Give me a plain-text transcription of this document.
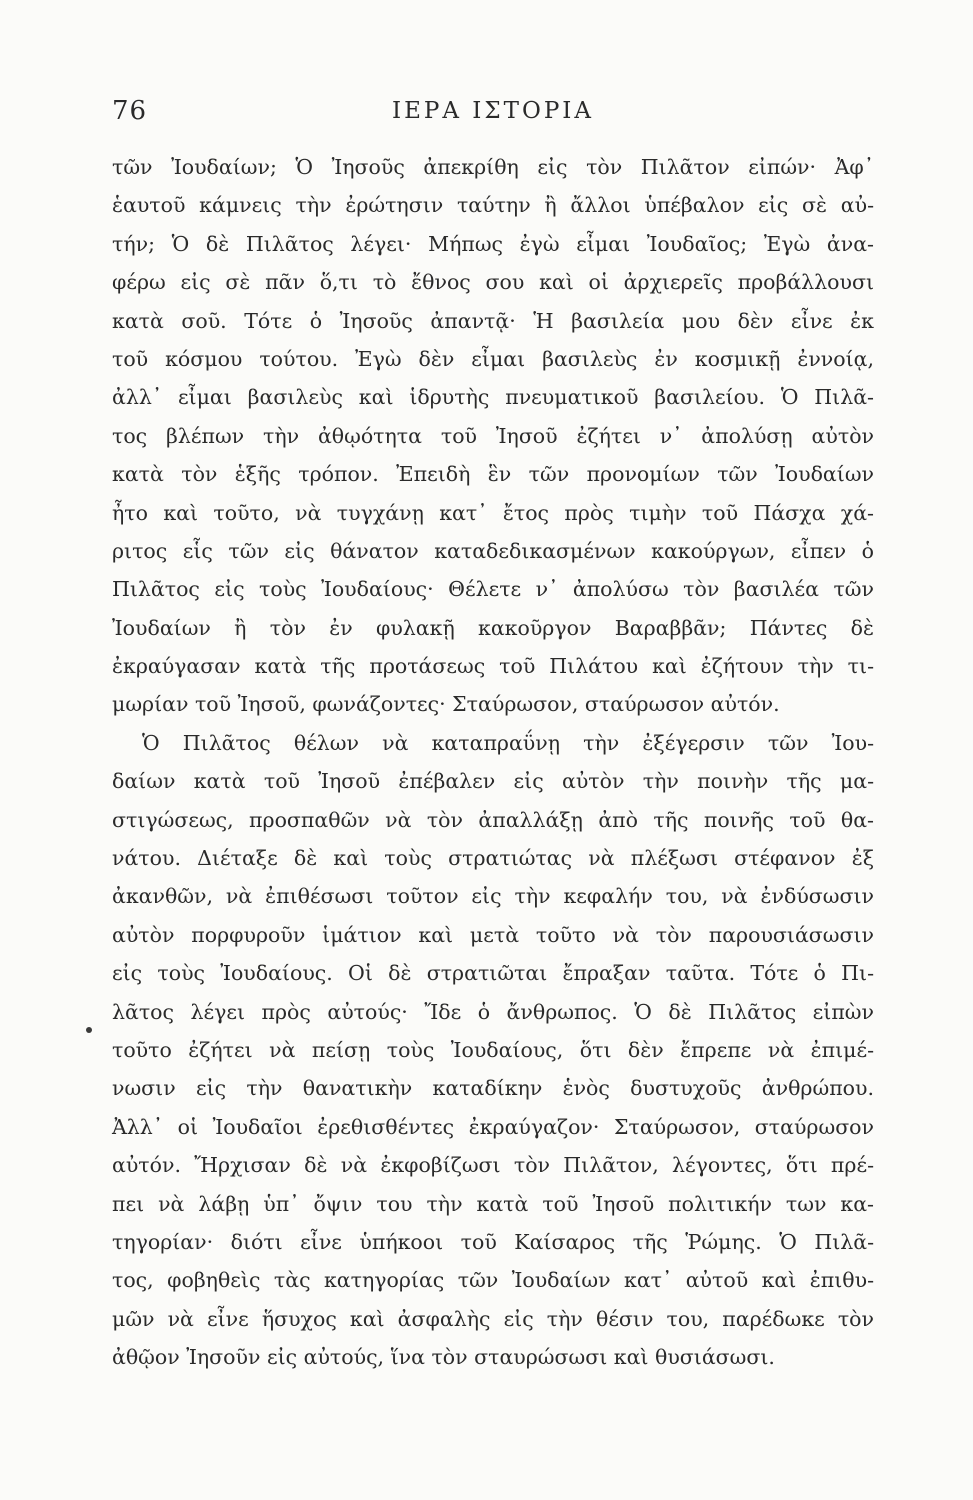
76	ΙΕΡΑ ΙΣΤΟΡΙΑ
τῶν Ἰουδαίων; Ὁ Ἰησοῦς ἀπεκρίθη εἰς τὸν Πιλᾶτον εἰπών· Ἀφ᾽
ἑαυτοῦ κάμνεις τὴν ἐρώτησιν ταύτην ἢ ἄλλοι ὑπέβαλον εἰς σὲ αὐ-
τήν; Ὁ δὲ Πιλᾶτος λέγει· Μήπως ἐγὼ εἶμαι Ἰουδαῖος; Ἐγὼ ἀνα-
φέρω εἰς σὲ πᾶν ὅ,τι τὸ ἔθνος σου καὶ οἱ ἀρχιερεῖς προβάλλουσι
κατὰ σοῦ. Τότε ὁ Ἰησοῦς ἀπαντᾷ· Ἡ βασιλεία μου δὲν εἶνε ἐκ
τοῦ κόσμου τούτου. Ἐγὼ δὲν εἶμαι βασιλεὺς ἐν κοσμικῇ ἐννοίᾳ,
ἀλλ᾽ εἶμαι βασιλεὺς καὶ ἱδρυτὴς πνευματικοῦ βασιλείου. Ὁ Πιλᾶ-
τος βλέπων τὴν ἀθῳότητα τοῦ Ἰησοῦ ἐζήτει ν᾽ ἀπολύσῃ αὐτὸν
κατὰ τὸν ἑξῆς τρόπον. Ἐπειδὴ ἓν τῶν προνομίων τῶν Ἰουδαίων
ἦτο καὶ τοῦτο, νὰ τυγχάνῃ κατ᾽ ἔτος πρὸς τιμὴν τοῦ Πάσχα χά-
ριτος εἷς τῶν εἰς θάνατον καταδεδικασμένων κακούργων, εἶπεν ὁ
Πιλᾶτος εἰς τοὺς Ἰουδαίους· Θέλετε ν᾽ ἀπολύσω τὸν βασιλέα τῶν
Ἰουδαίων ἢ τὸν ἐν φυλακῇ κακοῦργον Βαραββᾶν; Πάντες δὲ
ἐκραύγασαν κατὰ τῆς προτάσεως τοῦ Πιλάτου καὶ ἐζήτουν τὴν τι-
μωρίαν τοῦ Ἰησοῦ, φωνάζοντες· Σταύρωσον, σταύρωσον αὐτόν.
Ὁ Πιλᾶτος θέλων νὰ καταπραΰνῃ τὴν ἐξέγερσιν τῶν Ἰου-
δαίων κατὰ τοῦ Ἰησοῦ ἐπέβαλεν εἰς αὐτὸν τὴν ποινὴν τῆς μα-
στιγώσεως, προσπαθῶν νὰ τὸν ἀπαλλάξῃ ἀπὸ τῆς ποινῆς τοῦ θα-
νάτου. Διέταξε δὲ καὶ τοὺς στρατιώτας νὰ πλέξωσι στέφανον ἐξ
ἀκανθῶν, νὰ ἐπιθέσωσι τοῦτον εἰς τὴν κεφαλήν του, νὰ ἐνδύσωσιν
αὐτὸν πορφυροῦν ἱμάτιον καὶ μετὰ τοῦτο νὰ τὸν παρουσιάσωσιν
εἰς τοὺς Ἰουδαίους. Οἱ δὲ στρατιῶται ἔπραξαν ταῦτα. Τότε ὁ Πι-
λᾶτος λέγει πρὸς αὐτούς· Ἴδε ὁ ἄνθρωπος. Ὁ δὲ Πιλᾶτος εἰπὼν
τοῦτο ἐζήτει νὰ πείσῃ τοὺς Ἰουδαίους, ὅτι δὲν ἔπρεπε νὰ ἐπιμέ-
νωσιν εἰς τὴν θανατικὴν καταδίκην ἑνὸς δυστυχοῦς ἀνθρώπου.
Ἀλλ᾽ οἱ Ἰουδαῖοι ἐρεθισθέντες ἐκραύγαζον· Σταύρωσον, σταύρωσον
αὐτόν. Ἤρχισαν δὲ νὰ ἐκφοβίζωσι τὸν Πιλᾶτον, λέγοντες, ὅτι πρέ-
πει νὰ λάβῃ ὑπ᾽ ὄψιν του τὴν κατὰ τοῦ Ἰησοῦ πολιτικήν των κα-
τηγορίαν· διότι εἶνε ὑπήκοοι τοῦ Καίσαρος τῆς Ῥώμης. Ὁ Πιλᾶ-
τος, φοβηθεὶς τὰς κατηγορίας τῶν Ἰουδαίων κατ᾽ αὐτοῦ καὶ ἐπιθυ-
μῶν νὰ εἶνε ἥσυχος καὶ ἀσφαλὴς εἰς τὴν θέσιν του, παρέδωκε τὸν
ἀθῷον Ἰησοῦν εἰς αὐτούς, ἵνα τὸν σταυρώσωσι καὶ θυσιάσωσι.
